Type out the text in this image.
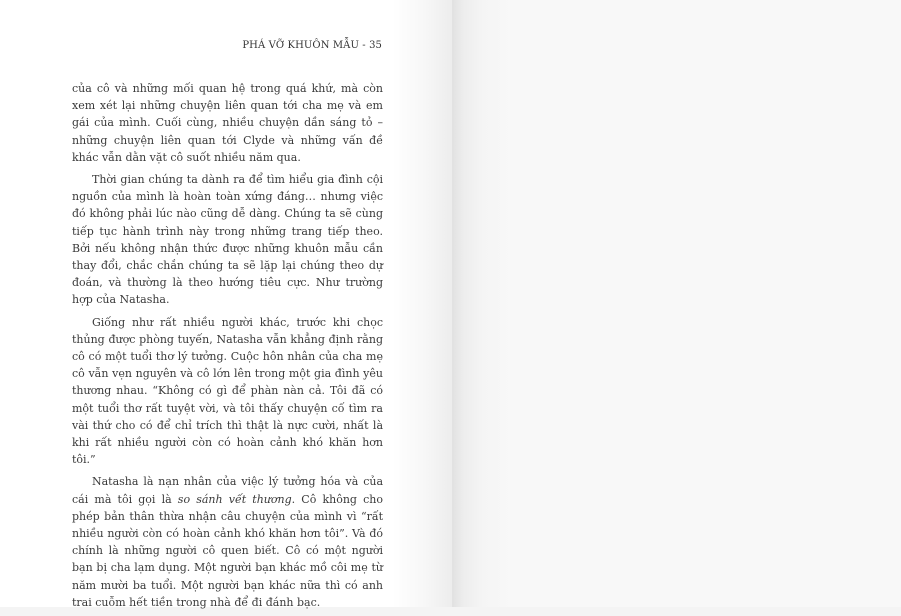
PHÁ VỠ KHUÔN MẪU - 35

của cô và những mối quan hệ trong quá khứ, mà còn xem xét lại những chuyện liên quan tới cha mẹ và em gái của mình. Cuối cùng, nhiều chuyện dần sáng tỏ – những chuyện liên quan tới Clyde và những vấn đề khác vẫn dằn vặt cô suốt nhiều năm qua.

Thời gian chúng ta dành ra để tìm hiểu gia đình cội nguồn của mình là hoàn toàn xứng đáng… nhưng việc đó không phải lúc nào cũng dễ dàng. Chúng ta sẽ cùng tiếp tục hành trình này trong những trang tiếp theo. Bởi nếu không nhận thức được những khuôn mẫu cần thay đổi, chắc chắn chúng ta sẽ lặp lại chúng theo dự đoán, và thường là theo hướng tiêu cực. Như trường hợp của Natasha.

Giống như rất nhiều người khác, trước khi chọc thủng được phòng tuyến, Natasha vẫn khẳng định rằng cô có một tuổi thơ lý tưởng. Cuộc hôn nhân của cha mẹ cô vẫn vẹn nguyên và cô lớn lên trong một gia đình yêu thương nhau. “Không có gì để phàn nàn cả. Tôi đã có một tuổi thơ rất tuyệt vời, và tôi thấy chuyện cố tìm ra vài thứ cho có để chỉ trích thì thật là nực cười, nhất là khi rất nhiều người còn có hoàn cảnh khó khăn hơn tôi.”

Natasha là nạn nhân của việc lý tưởng hóa và của cái mà tôi gọi là so sánh vết thương. Cô không cho phép bản thân thừa nhận câu chuyện của mình vì “rất nhiều người còn có hoàn cảnh khó khăn hơn tôi”. Và đó chính là những người cô quen biết. Cô có một người bạn bị cha lạm dụng. Một người bạn khác mồ côi mẹ từ năm mười ba tuổi. Một người bạn khác nữa thì có anh trai cuỗm hết tiền trong nhà để đi đánh bạc.
